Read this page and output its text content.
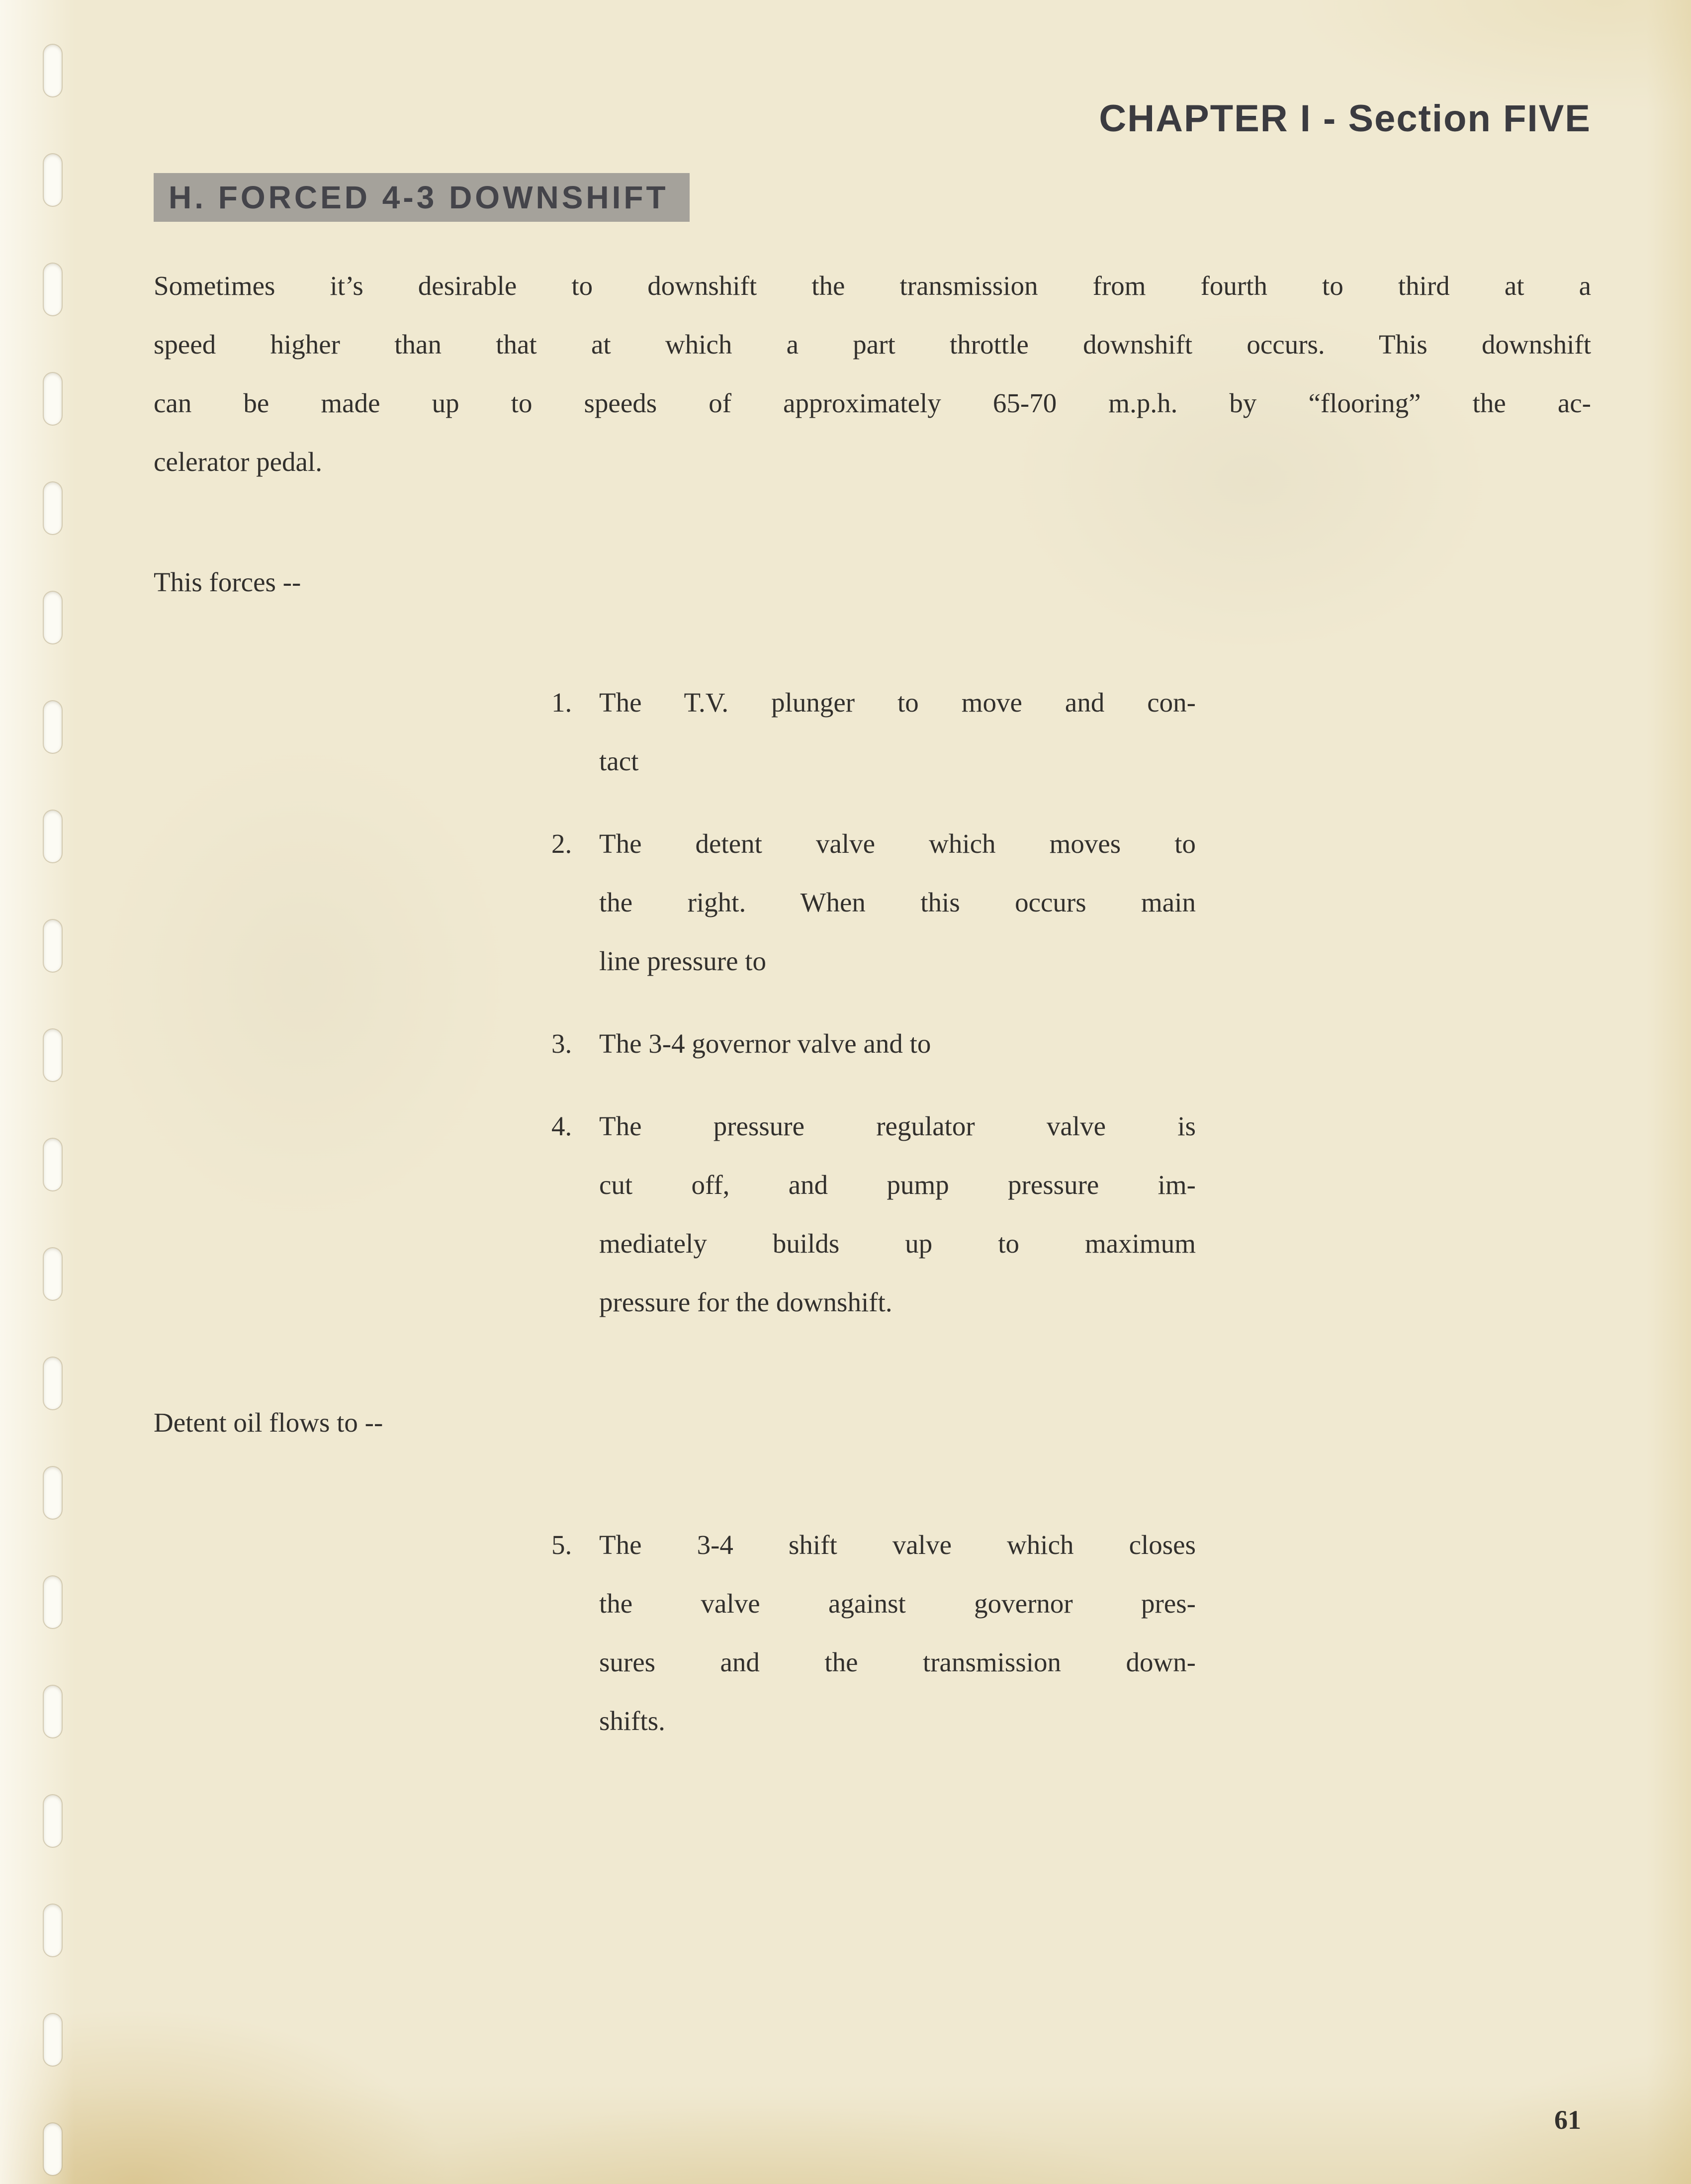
CHAPTER I - Section FIVE
H. FORCED 4-3 DOWNSHIFT
Sometimes it’s desirable to downshift the transmission from fourth to third at a
speed higher than that at which a part throttle downshift occurs. This downshift
can be made up to speeds of approximately 65-70 m.p.h. by “flooring” the ac-
celerator pedal.
This forces --
1. The T.V. plunger to move and con-
tact
2. The detent valve which moves to
the right. When this occurs main
line pressure to
3. The 3-4 governor valve and to
4. The pressure regulator valve is
cut off, and pump pressure im-
mediately builds up to maximum
pressure for the downshift.
Detent oil flows to --
5. The 3-4 shift valve which closes
the valve against governor pres-
sures and the transmission down-
shifts.
61
